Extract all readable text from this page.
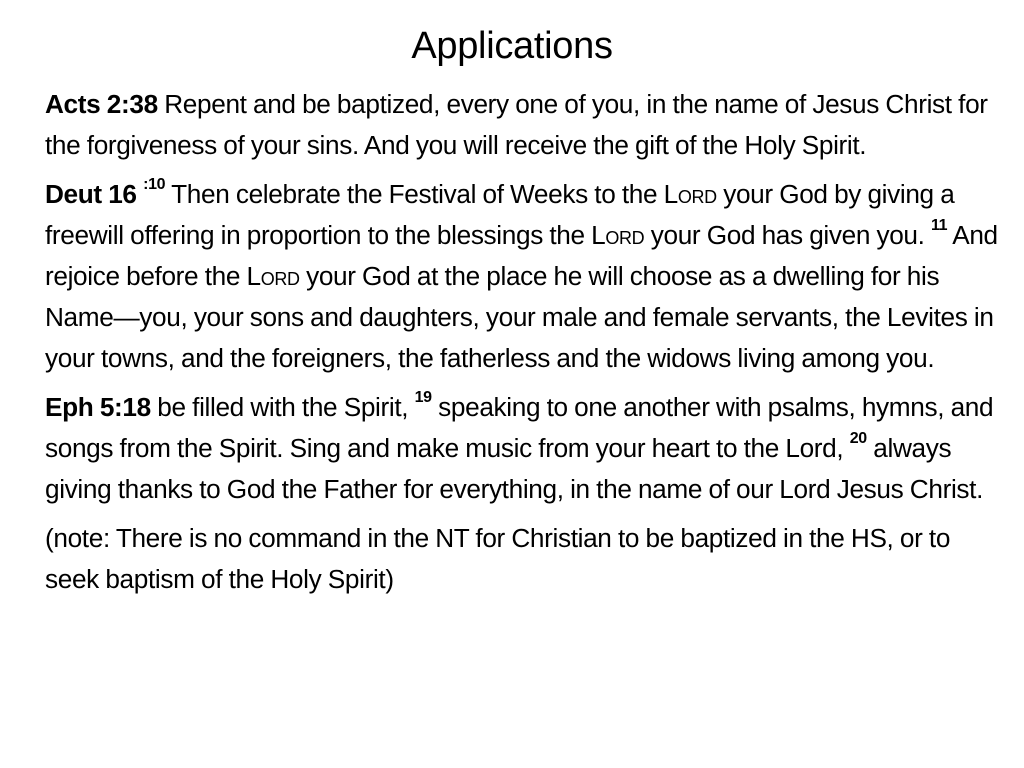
Applications

Acts 2:38 Repent and be baptized, every one of you, in the name of Jesus Christ for the forgiveness of your sins. And you will receive the gift of the Holy Spirit.

Deut 16 $^{:10}$ Then celebrate the Festival of Weeks to the Lord your God by giving a freewill offering in proportion to the blessings the Lord your God has given you. $^{11}$ And rejoice before the Lord your God at the place he will choose as a dwelling for his Name—you, your sons and daughters, your male and female servants, the Levites in your towns, and the foreigners, the fatherless and the widows living among you.

Eph 5:18 be filled with the Spirit, $^{19}$ speaking to one another with psalms, hymns, and songs from the Spirit. Sing and make music from your heart to the Lord, $^{20}$ always giving thanks to God the Father for everything, in the name of our Lord Jesus Christ.

(note: There is no command in the NT for Christian to be baptized in the HS, or to seek baptism of the Holy Spirit)
